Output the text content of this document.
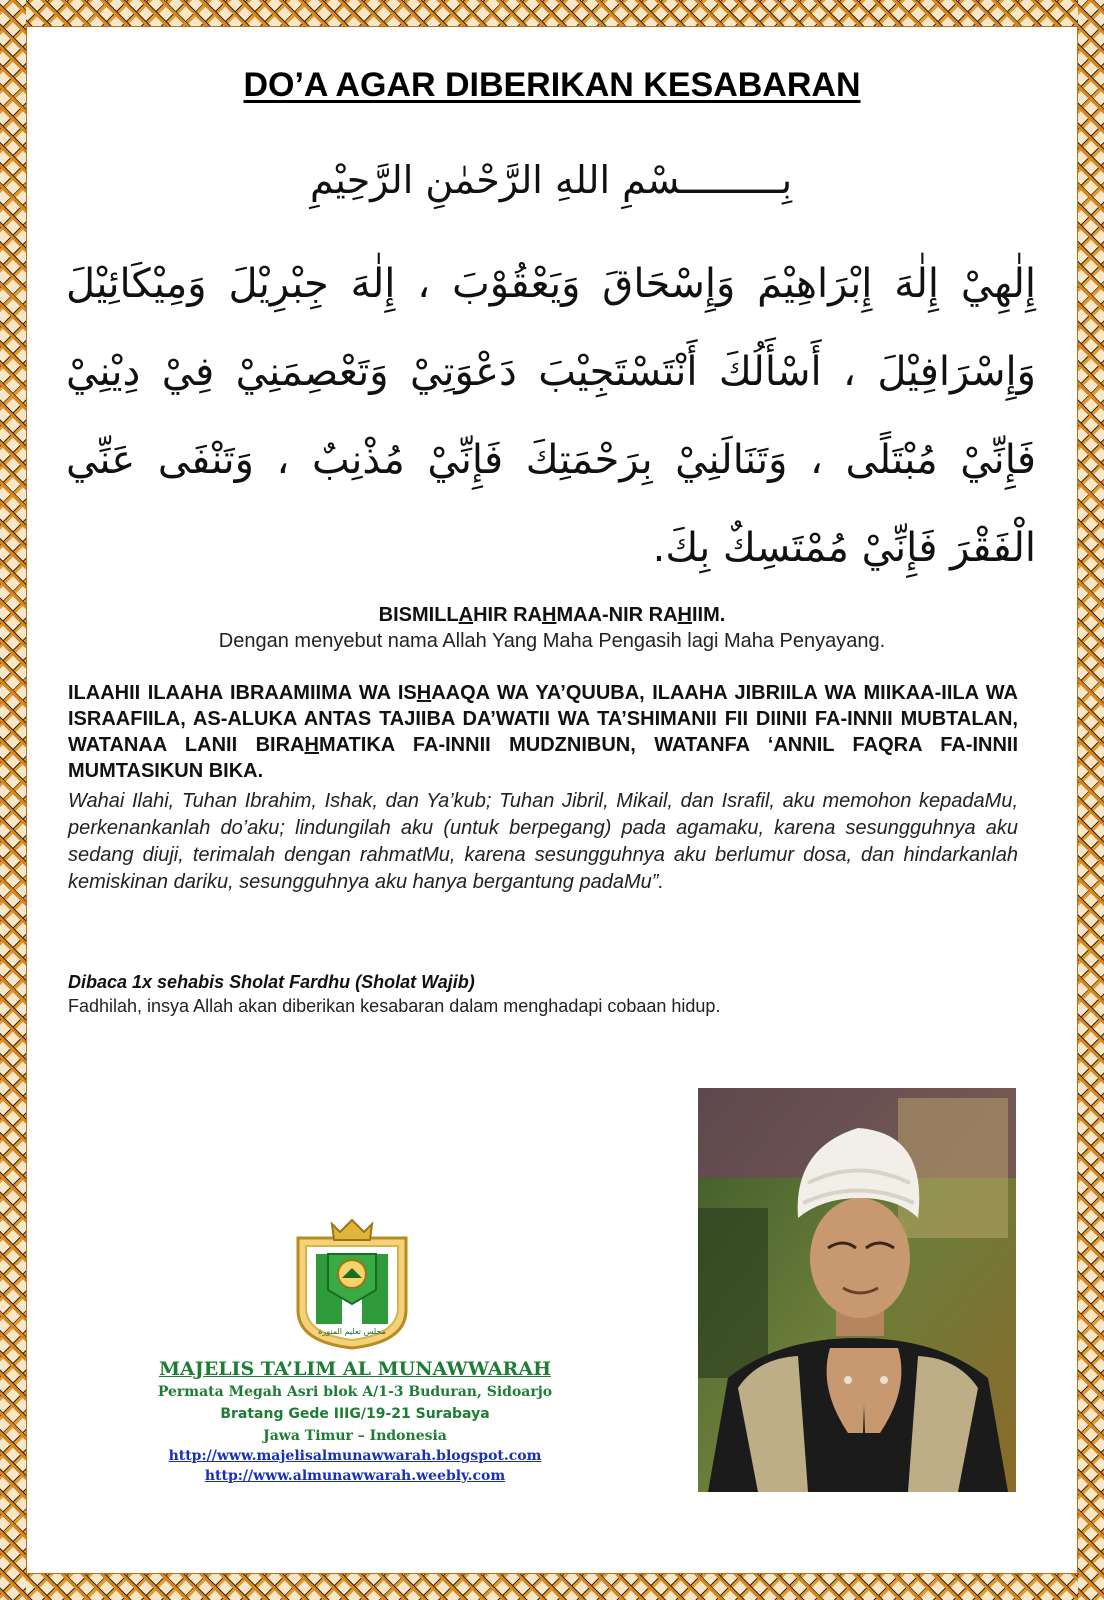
DO’A AGAR DIBERIKAN KESABARAN
بِـــــــــسْمِ اللهِ الرَّحْمٰنِ الرَّحِيْمِ
إِلٰهِيْ إِلٰهَ إِبْرَاهِيْمَ وَإِسْحَاقَ وَيَعْقُوْبَ ، إِلٰهَ جِبْرِيْلَ وَمِيْكَائِيْلَ وَإِسْرَافِيْلَ ، أَسْأَلُكَ أَنْتَسْتَجِيْبَ دَعْوَتِيْ وَتَعْصِمَنِيْ فِيْ دِيْنِيْ فَإِنِّيْ مُبْتَلًى ، وَتَنَالَنِيْ بِرَحْمَتِكَ فَإِنِّيْ مُذْنِبٌ ، وَتَنْفَى عَنِّي الْفَقْرَ فَإِنِّيْ مُمْتَسِكٌ بِكَ.
BISMILLAHIR RAHMAA-NIR RAHIIM.
Dengan menyebut nama Allah Yang Maha Pengasih lagi Maha Penyayang.
ILAAHII ILAAHA IBRAAMIIMA WA ISHAAQA WA YA’QUUBA, ILAAHA JIBRIILA WA MIIKAA-IILA WA ISRAAFIILA, AS-ALUKA ANTAS TAJIIBA DA’WATII WA TA’SHIMANII FII DIINII FA-INNII MUBTALAN, WATANAA LANII BIRAHMATIKA FA-INNII MUDZNIBUN, WATANFA ‘ANNIL FAQRA FA-INNII MUMTASIKUN BIKA.
Wahai Ilahi, Tuhan Ibrahim, Ishak, dan Ya’kub; Tuhan Jibril, Mikail, dan Israfil, aku memohon kepadaMu, perkenankanlah do’aku; lindungilah aku (untuk berpegang) pada agamaku, karena sesungguhnya aku sedang diuji, terimalah dengan rahmatMu, karena sesungguhnya aku berlumur dosa, dan hindarkanlah kemiskinan dariku, sesungguhnya aku hanya bergantung padaMu”.
Dibaca 1x sehabis Sholat Fardhu (Sholat Wajib)
Fadhilah, insya Allah akan diberikan kesabaran dalam menghadapi cobaan hidup.
مجلس تعليم المنورة
MAJELIS TA’LIM AL MUNAWWARAH
Permata Megah Asri blok A/1-3 Buduran, Sidoarjo
Bratang Gede IIIG/19-21 Surabaya
Jawa Timur – Indonesia
http://www.majelisalmunawwarah.blogspot.com
http://www.almunawwarah.weebly.com
